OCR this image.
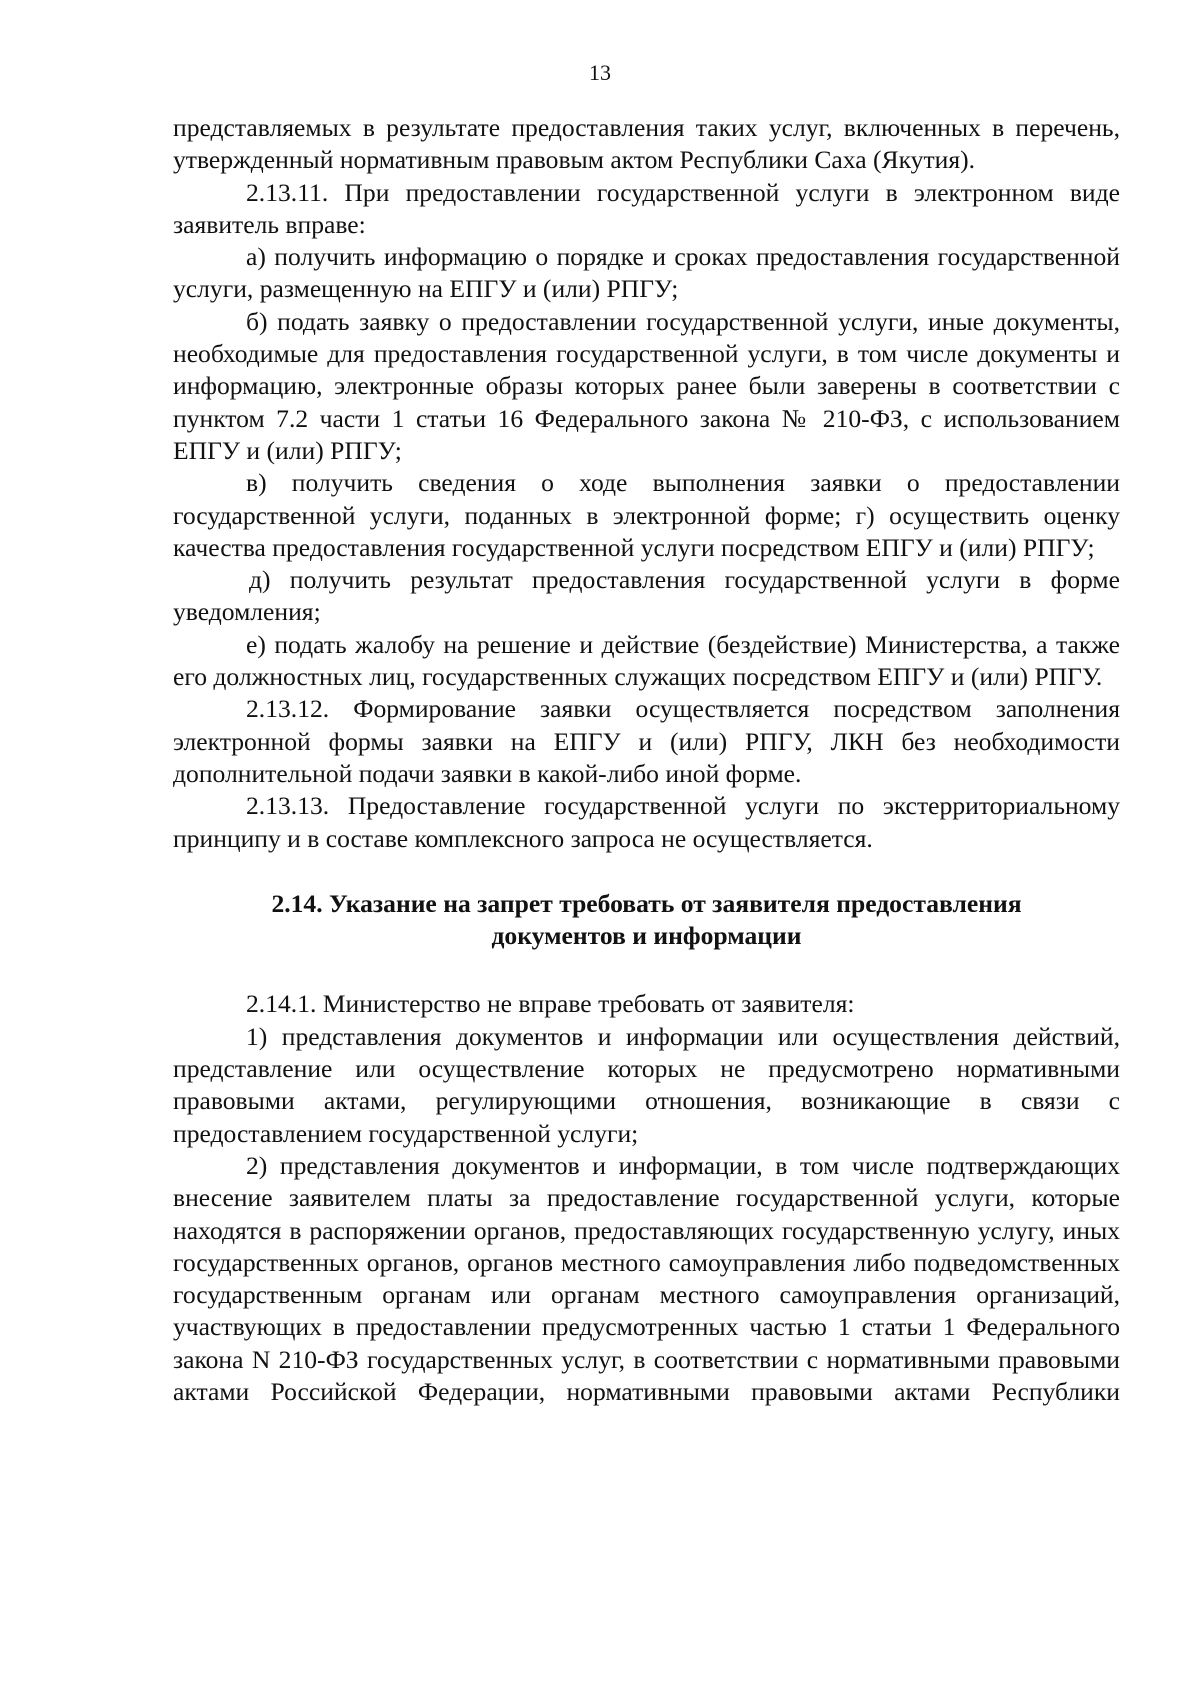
13

представляемых в результате предоставления таких услуг, включенных в перечень, утвержденный нормативным правовым актом Республики Саха (Якутия).

2.13.11. При предоставлении государственной услуги в электронном виде заявитель вправе:

а) получить информацию о порядке и сроках предоставления государственной услуги, размещенную на ЕПГУ и (или) РПГУ;

б) подать заявку о предоставлении государственной услуги, иные документы, необходимые для предоставления государственной услуги, в том числе документы и информацию, электронные образы которых ранее были заверены в соответствии с пунктом 7.2 части 1 статьи 16 Федерального закона № 210-ФЗ, с использованием ЕПГУ и (или) РПГУ;

в) получить сведения о ходе выполнения заявки о предоставлении государственной услуги, поданных в электронной форме; г) осуществить оценку качества предоставления государственной услуги посредством ЕПГУ и (или) РПГУ;

д) получить результат предоставления государственной услуги в форме уведомления;

е) подать жалобу на решение и действие (бездействие) Министерства, а также его должностных лиц, государственных служащих посредством ЕПГУ и (или) РПГУ.

2.13.12. Формирование заявки осуществляется посредством заполнения электронной формы заявки на ЕПГУ и (или) РПГУ, ЛКН без необходимости дополнительной подачи заявки в какой-либо иной форме.

2.13.13. Предоставление государственной услуги по экстерриториальному принципу и в составе комплексного запроса не осуществляется.

2.14. Указание на запрет требовать от заявителя предоставления
документов и информации

2.14.1. Министерство не вправе требовать от заявителя:

1) представления документов и информации или осуществления действий, представление или осуществление которых не предусмотрено нормативными правовыми актами, регулирующими отношения, возникающие в связи с предоставлением государственной услуги;

2) представления документов и информации, в том числе подтверждающих внесение заявителем платы за предоставление государственной услуги, которые находятся в распоряжении органов, предоставляющих государственную услугу, иных государственных органов, органов местного самоуправления либо подведомственных государственным органам или органам местного самоуправления организаций, участвующих в предоставлении предусмотренных частью 1 статьи 1 Федерального закона N 210-ФЗ государственных услуг, в соответствии с нормативными правовыми актами Российской Федерации, нормативными правовыми актами Республики
